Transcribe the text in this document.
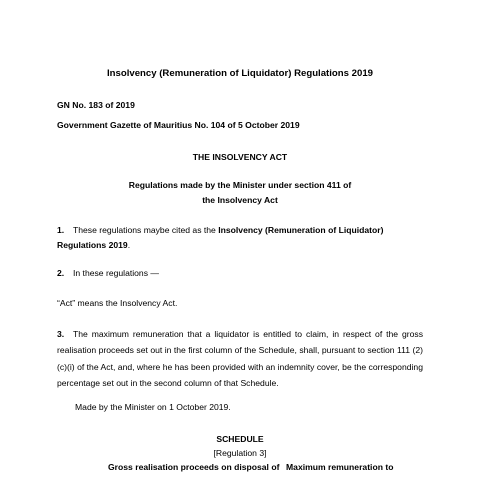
Insolvency (Remuneration of Liquidator) Regulations 2019
GN No. 183 of 2019
Government Gazette of Mauritius No. 104 of 5 October 2019
THE INSOLVENCY ACT
Regulations made by the Minister under section 411 of
the Insolvency Act
1. These regulations maybe cited as the Insolvency (Remuneration of Liquidator)
Regulations 2019.
2. In these regulations —
“Act” means the Insolvency Act.
3. The maximum remuneration that a liquidator is entitled to claim, in respect of the gross realisation proceeds set out in the first column of the Schedule, shall, pursuant to section 111 (2)(c)(i) of the Act, and, where he has been provided with an indemnity cover, be the corresponding percentage set out in the second column of that Schedule.
Made by the Minister on 1 October 2019.
SCHEDULE
[Regulation 3]
Gross realisation proceeds on disposal of Maximum remuneration to
